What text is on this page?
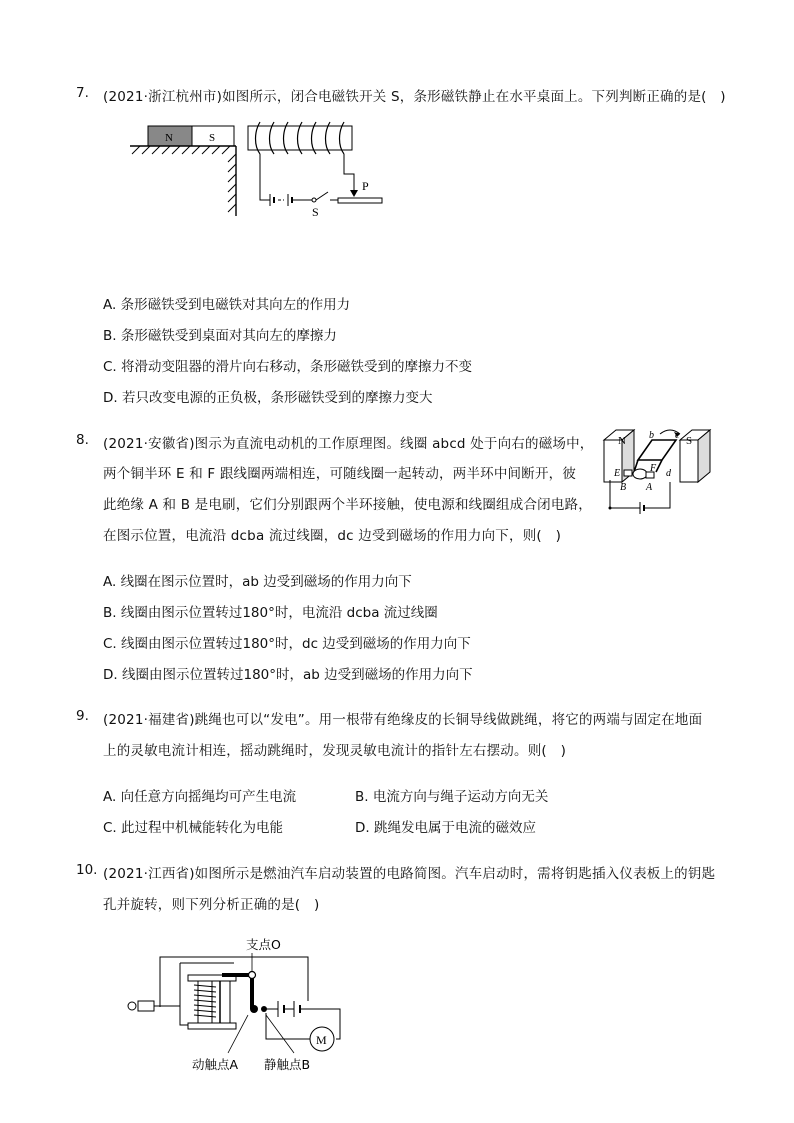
7. (2021·浙江杭州市)如图所示，闭合电磁铁开关 S，条形磁铁静止在水平桌面上。下列判断正确的是(　)
N	S
S
P
A. 条形磁铁受到电磁铁对其向左的作用力
B. 条形磁铁受到桌面对其向左的摩擦力
C. 将滑动变阻器的滑片向右移动，条形磁铁受到的摩擦力不变
D. 若只改变电源的正负极，条形磁铁受到的摩擦力变大
8. (2021·安徽省)图示为直流电动机的工作原理图。线圈 abcd 处于向右的磁场中，
两个铜半环 E 和 F 跟线圈两端相连，可随线圈一起转动，两半环中间断开，彼
此绝缘 A 和 B 是电刷，它们分别跟两个半环接触，使电源和线圈组成合闭电路，
在图示位置，电流沿 dcba 流过线圈，dc 边受到磁场的作用力向下，则(　)
N	S
b c
d
E	F
B A
A. 线圈在图示位置时，ab 边受到磁场的作用力向下
B. 线圈由图示位置转过180°时，电流沿 dcba 流过线圈
C. 线圈由图示位置转过180°时，dc 边受到磁场的作用力向下
D. 线圈由图示位置转过180°时，ab 边受到磁场的作用力向下
9. (2021·福建省)跳绳也可以“发电”。用一根带有绝缘皮的长铜导线做跳绳，将它的两端与固定在地面
上的灵敏电流计相连，摇动跳绳时，发现灵敏电流计的指针左右摆动。则(　)
A. 向任意方向摇绳均可产生电流	B. 电流方向与绳子运动方向无关
C. 此过程中机械能转化为电能	D. 跳绳发电属于电流的磁效应
10. (2021·江西省)如图所示是燃油汽车启动装置的电路简图。汽车启动时，需将钥匙插入仪表板上的钥匙
孔并旋转，则下列分析正确的是(　)
支点O
M
动触点A 静触点B
